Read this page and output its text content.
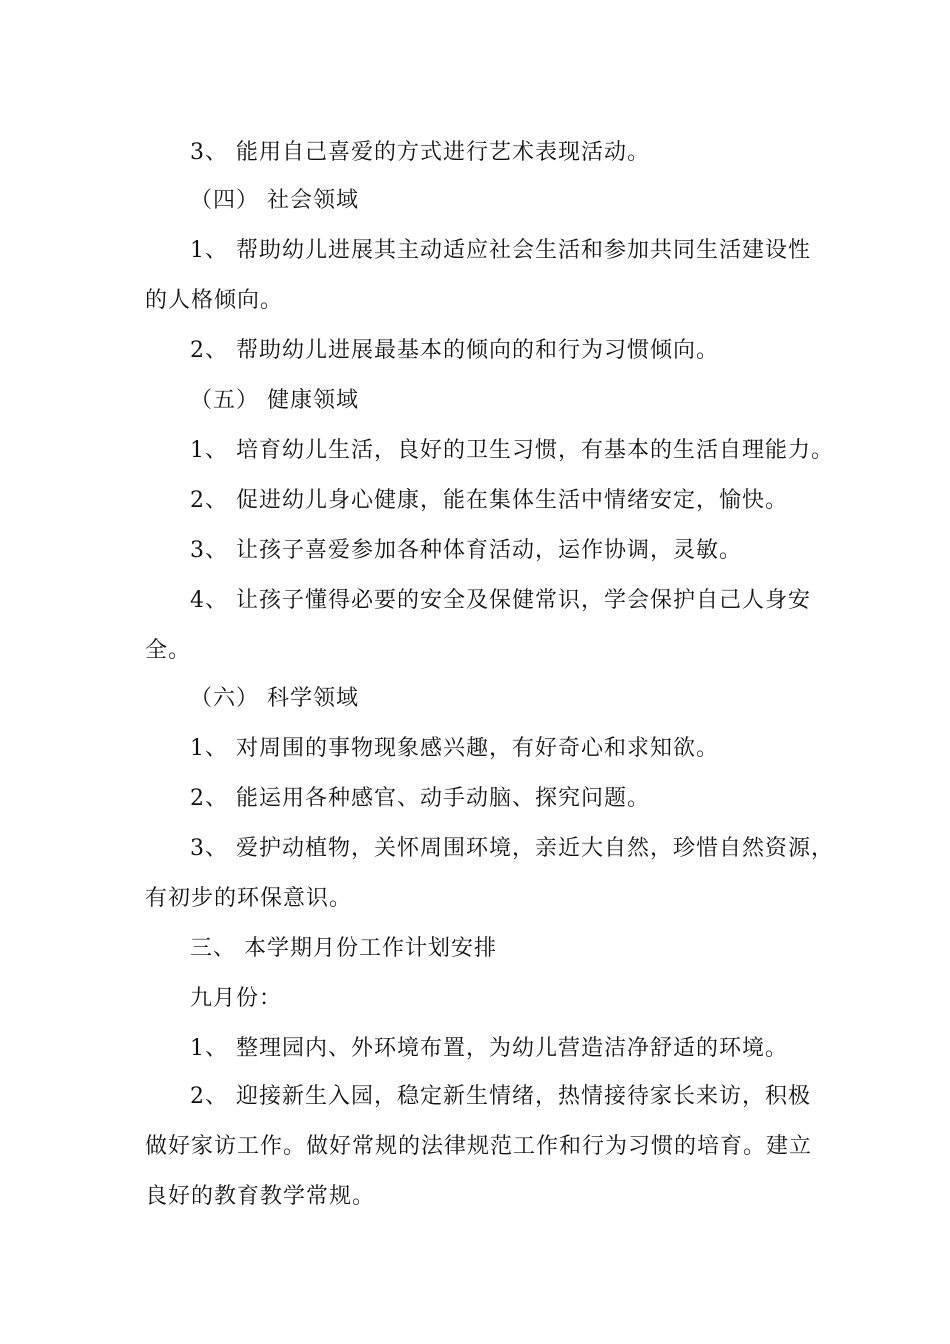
3、 能用自己喜爱的方式进行艺术表现活动。
（四） 社会领域
1、 帮助幼儿进展其主动适应社会生活和参加共同生活建设性
的人格倾向。
2、 帮助幼儿进展最基本的倾向的和行为习惯倾向。
（五） 健康领域
1、 培育幼儿生活，良好的卫生习惯，有基本的生活自理能力。
2、 促进幼儿身心健康，能在集体生活中情绪安定，愉快。
3、 让孩子喜爱参加各种体育活动，运作协调，灵敏。
4、 让孩子懂得必要的安全及保健常识，学会保护自己人身安
全。
（六） 科学领域
1、 对周围的事物现象感兴趣，有好奇心和求知欲。
2、 能运用各种感官、动手动脑、探究问题。
3、 爱护动植物，关怀周围环境，亲近大自然，珍惜自然资源，
有初步的环保意识。
三、 本学期月份工作计划安排
九月份：
1、 整理园内、外环境布置，为幼儿营造洁净舒适的环境。
2、 迎接新生入园，稳定新生情绪，热情接待家长来访，积极
做好家访工作。做好常规的法律规范工作和行为习惯的培育。建立
良好的教育教学常规。
